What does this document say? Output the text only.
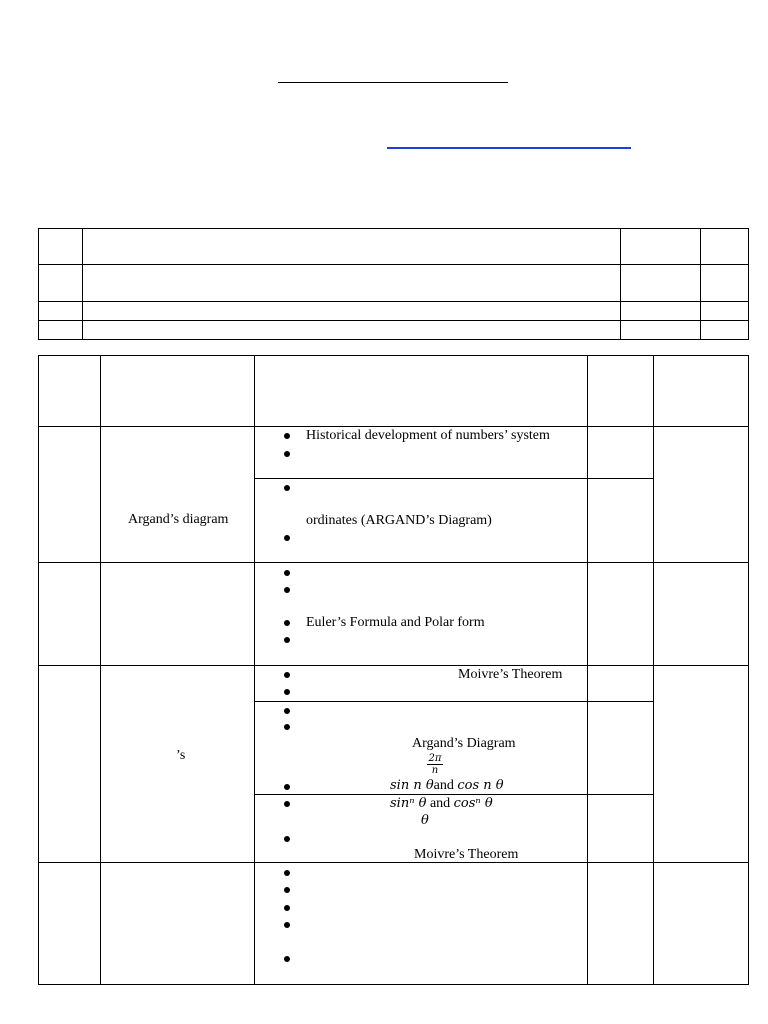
Argand’s diagram
Historical development of numbers’ system
ordinates (ARGAND’s Diagram)
Euler’s Formula and Polar form
’s
Moivre’s Theorem
Argand’s Diagram
$\frac{2\pi}{n}$
sin n θand cos n θ
sinⁿ θ and cosⁿ θ
θ
Moivre’s Theorem
